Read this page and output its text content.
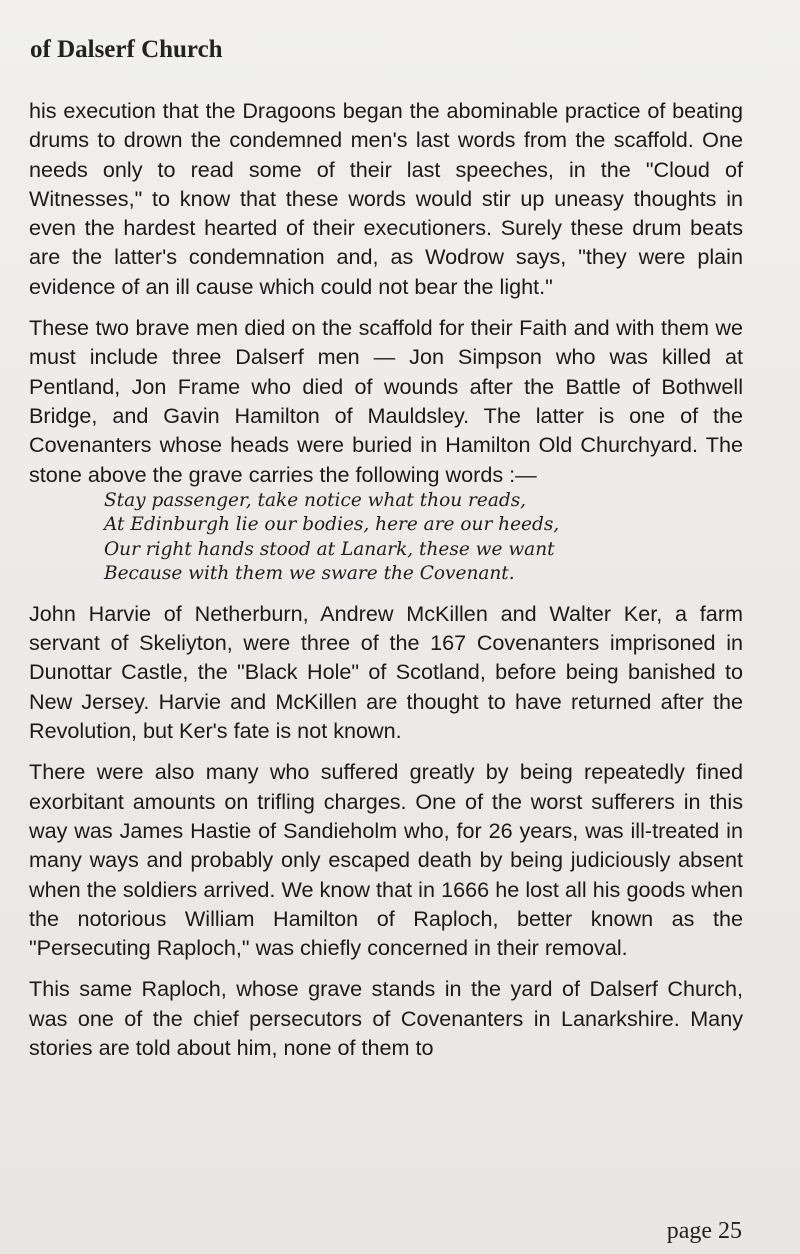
of Dalserf Church

his execution that the Dragoons began the abominable practice of beating drums to drown the condemned men's last words from the scaffold. One needs only to read some of their last speeches, in the "Cloud of Witnesses," to know that these words would stir up uneasy thoughts in even the hardest hearted of their executioners. Surely these drum beats are the latter's condemnation and, as Wodrow says, "they were plain evidence of an ill cause which could not bear the light."

These two brave men died on the scaffold for their Faith and with them we must include three Dalserf men — Jon Simpson who was killed at Pentland, Jon Frame who died of wounds after the Battle of Bothwell Bridge, and Gavin Hamilton of Mauldsley. The latter is one of the Covenanters whose heads were buried in Hamilton Old Churchyard. The stone above the grave carries the following words :—

Stay passenger, take notice what thou reads,
At Edinburgh lie our bodies, here are our heeds,
Our right hands stood at Lanark, these we want
Because with them we sware the Covenant.

John Harvie of Netherburn, Andrew McKillen and Walter Ker, a farm servant of Skeliyton, were three of the 167 Covenanters imprisoned in Dunottar Castle, the "Black Hole" of Scotland, before being banished to New Jersey. Harvie and McKillen are thought to have returned after the Revolution, but Ker's fate is not known.

There were also many who suffered greatly by being repeatedly fined exorbitant amounts on trifling charges. One of the worst sufferers in this way was James Hastie of Sandieholm who, for 26 years, was ill-treated in many ways and probably only escaped death by being judiciously absent when the soldiers arrived. We know that in 1666 he lost all his goods when the notorious William Hamilton of Raploch, better known as the "Persecuting Raploch," was chiefly concerned in their removal.

This same Raploch, whose grave stands in the yard of Dalserf Church, was one of the chief persecutors of Covenanters in Lanarkshire. Many stories are told about him, none of them to

page 25
